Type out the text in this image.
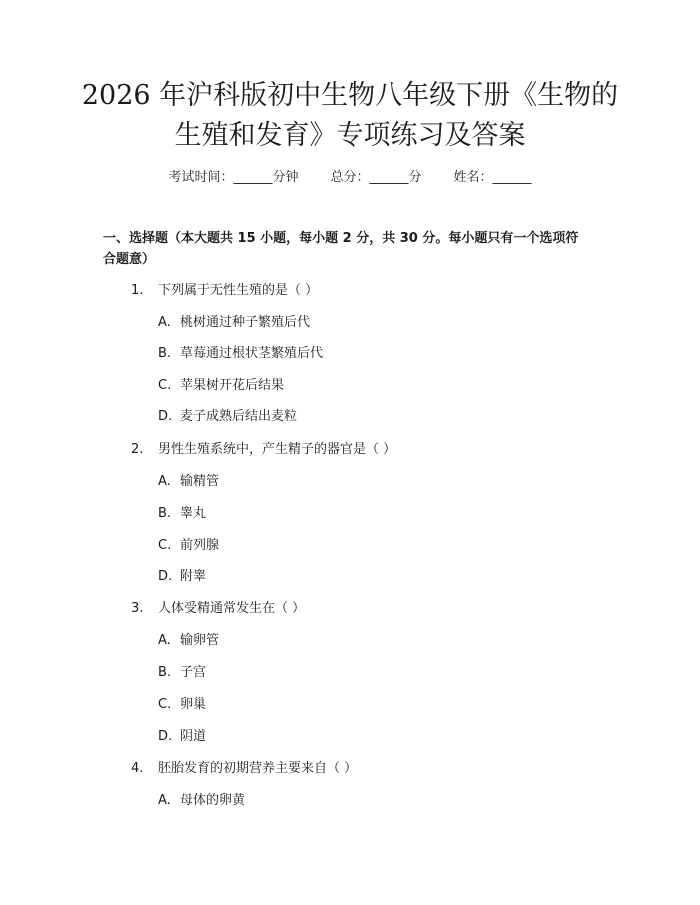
2026 年沪科版初中生物八年级下册《生物的
生殖和发育》专项练习及答案
考试时间：______分钟 总分：______分 姓名：______
一、选择题（本大题共 15 小题，每小题 2 分，共 30 分。每小题只有一个选项符
合题意）
1. 下列属于无性生殖的是（ ）
A. 桃树通过种子繁殖后代
B. 草莓通过根状茎繁殖后代
C. 苹果树开花后结果
D. 麦子成熟后结出麦粒
2. 男性生殖系统中，产生精子的器官是（ ）
A. 输精管
B. 睾丸
C. 前列腺
D. 附睾
3. 人体受精通常发生在（ ）
A. 输卵管
B. 子宫
C. 卵巢
D. 阴道
4. 胚胎发育的初期营养主要来自（ ）
A. 母体的卵黄
